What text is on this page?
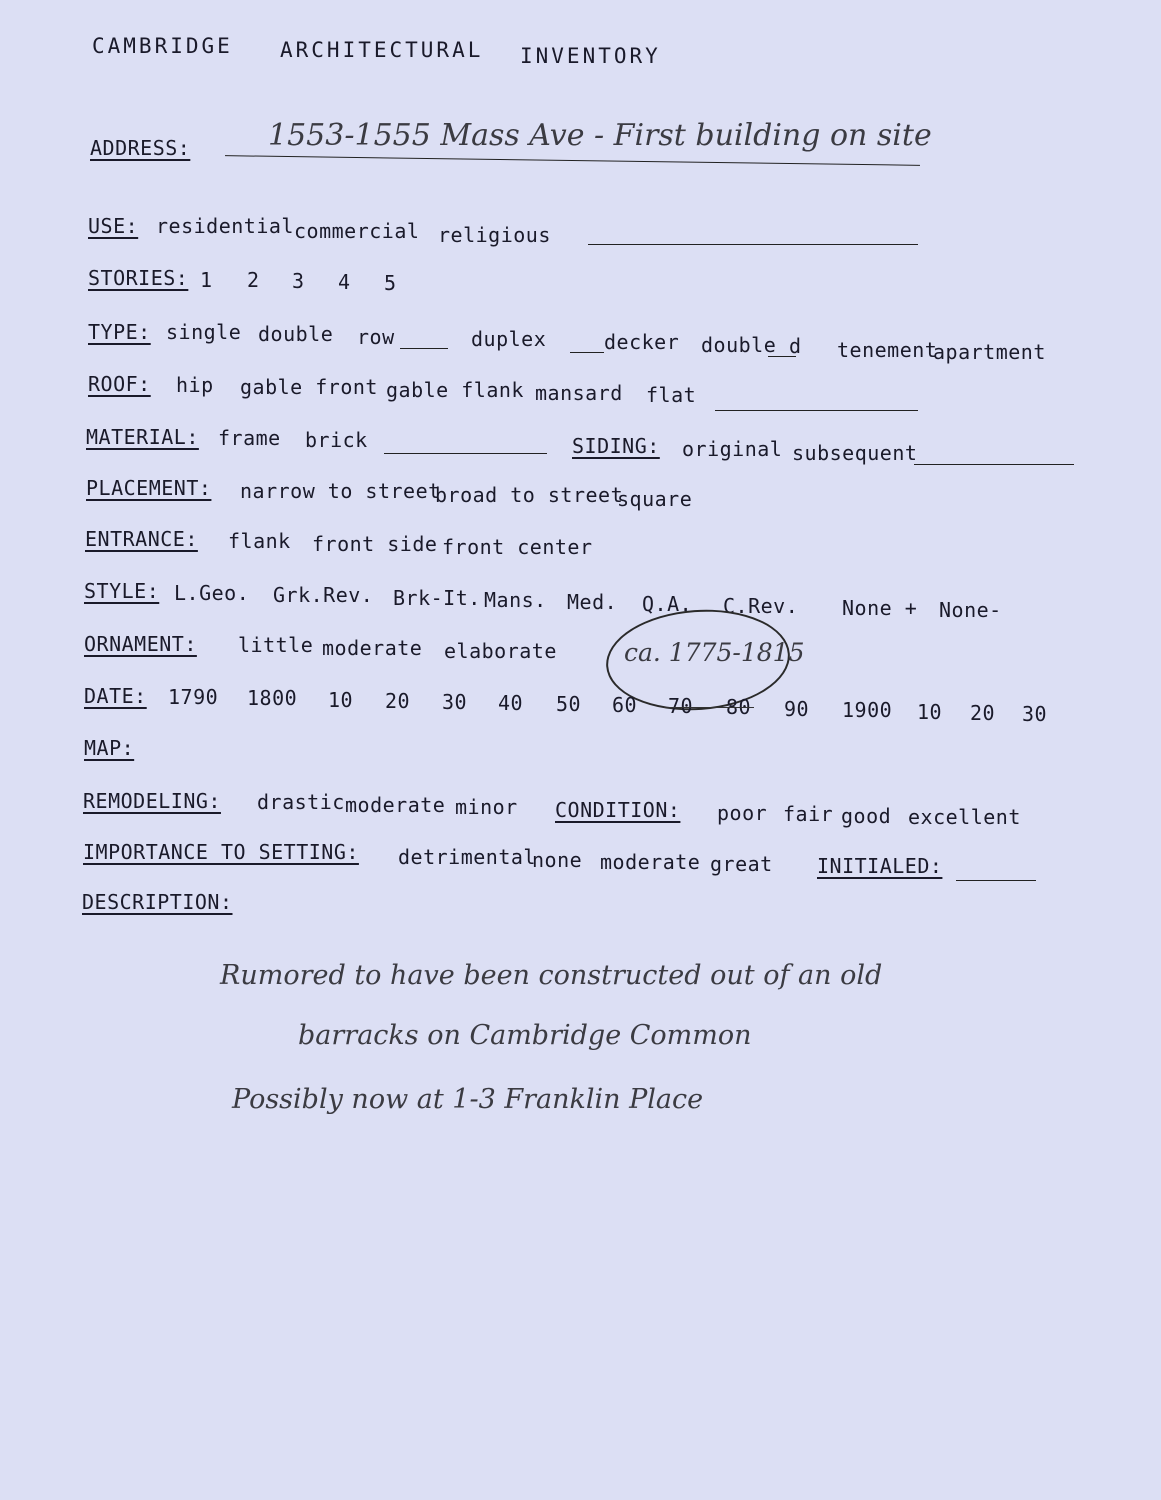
CAMBRIDGE ARCHITECTURAL INVENTORY
ADDRESS:	1553-1555 Mass Ave - First building on site
USE: residential commercial religious
STORIES: 1 2 3 4 5
TYPE: single double row	duplex	decker double d tenement
apartment
ROOF: hip gable front gable flank mansard flat
MATERIAL: frame brick	SIDING: original subsequent
PLACEMENT: narrow to street
broad to street
square
ENTRANCE: flank front side front center
STYLE: L.Geo. Grk.Rev. Brk-It. Mans. Med. Q.A. C.Rev. None + None-
ORNAMENT: little moderate elaborate	ca. 1775-1815
DATE: 1790 1800 10 20 30 40 50 60 70 80 90 1900 10 20 30
MAP:
REMODELING: drastic moderate minor CONDITION: poor fair good excellent
IMPORTANCE TO SETTING: detrimental
none moderate great INITIALED:
DESCRIPTION:
Rumored to have been constructed out of an old
barracks on Cambridge Common
Possibly now at 1-3 Franklin Place
